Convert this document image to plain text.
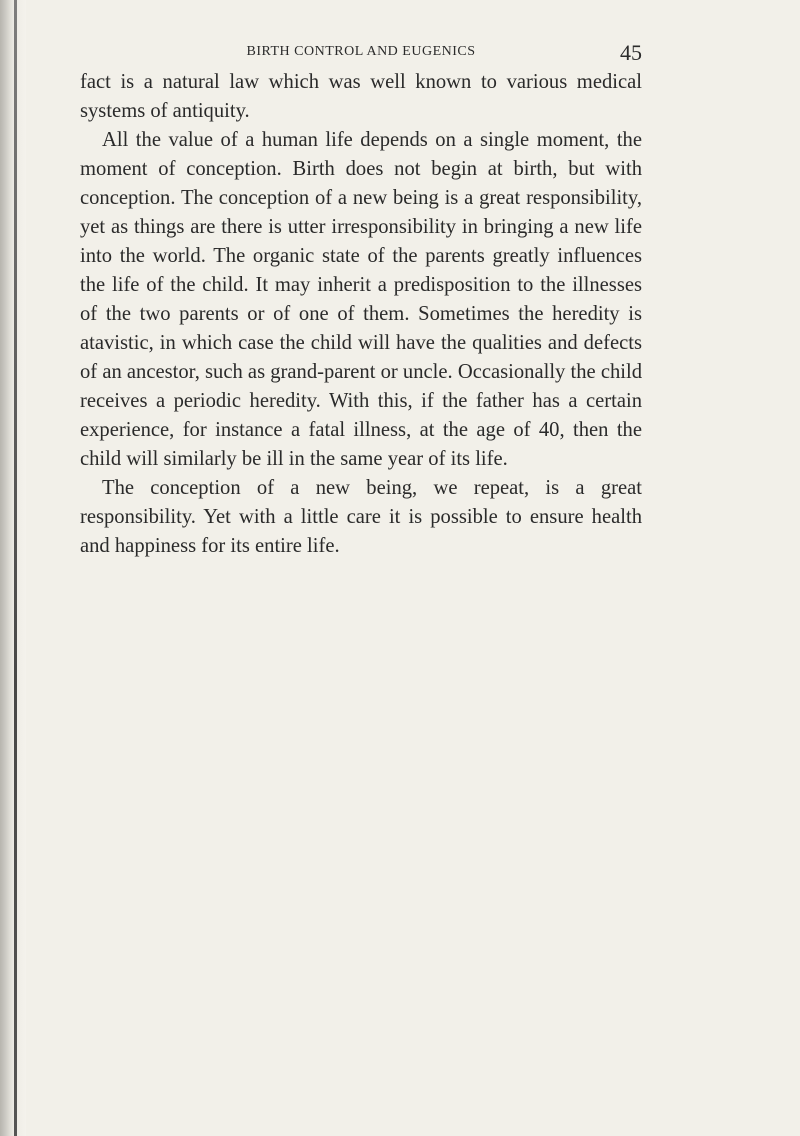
BIRTH CONTROL AND EUGENICS	45

fact is a natural law which was well known to various medical systems of antiquity.

All the value of a human life depends on a single moment, the moment of conception. Birth does not begin at birth, but with conception. The conception of a new being is a great responsibility, yet as things are there is utter irresponsibility in bringing a new life into the world. The organic state of the parents greatly influences the life of the child. It may inherit a predisposition to the illnesses of the two parents or of one of them. Sometimes the heredity is atavistic, in which case the child will have the qualities and defects of an ancestor, such as grand-parent or uncle. Occasionally the child receives a periodic heredity. With this, if the father has a certain experience, for instance a fatal illness, at the age of 40, then the child will similarly be ill in the same year of its life.

The conception of a new being, we repeat, is a great responsibility. Yet with a little care it is possible to ensure health and happiness for its entire life.
